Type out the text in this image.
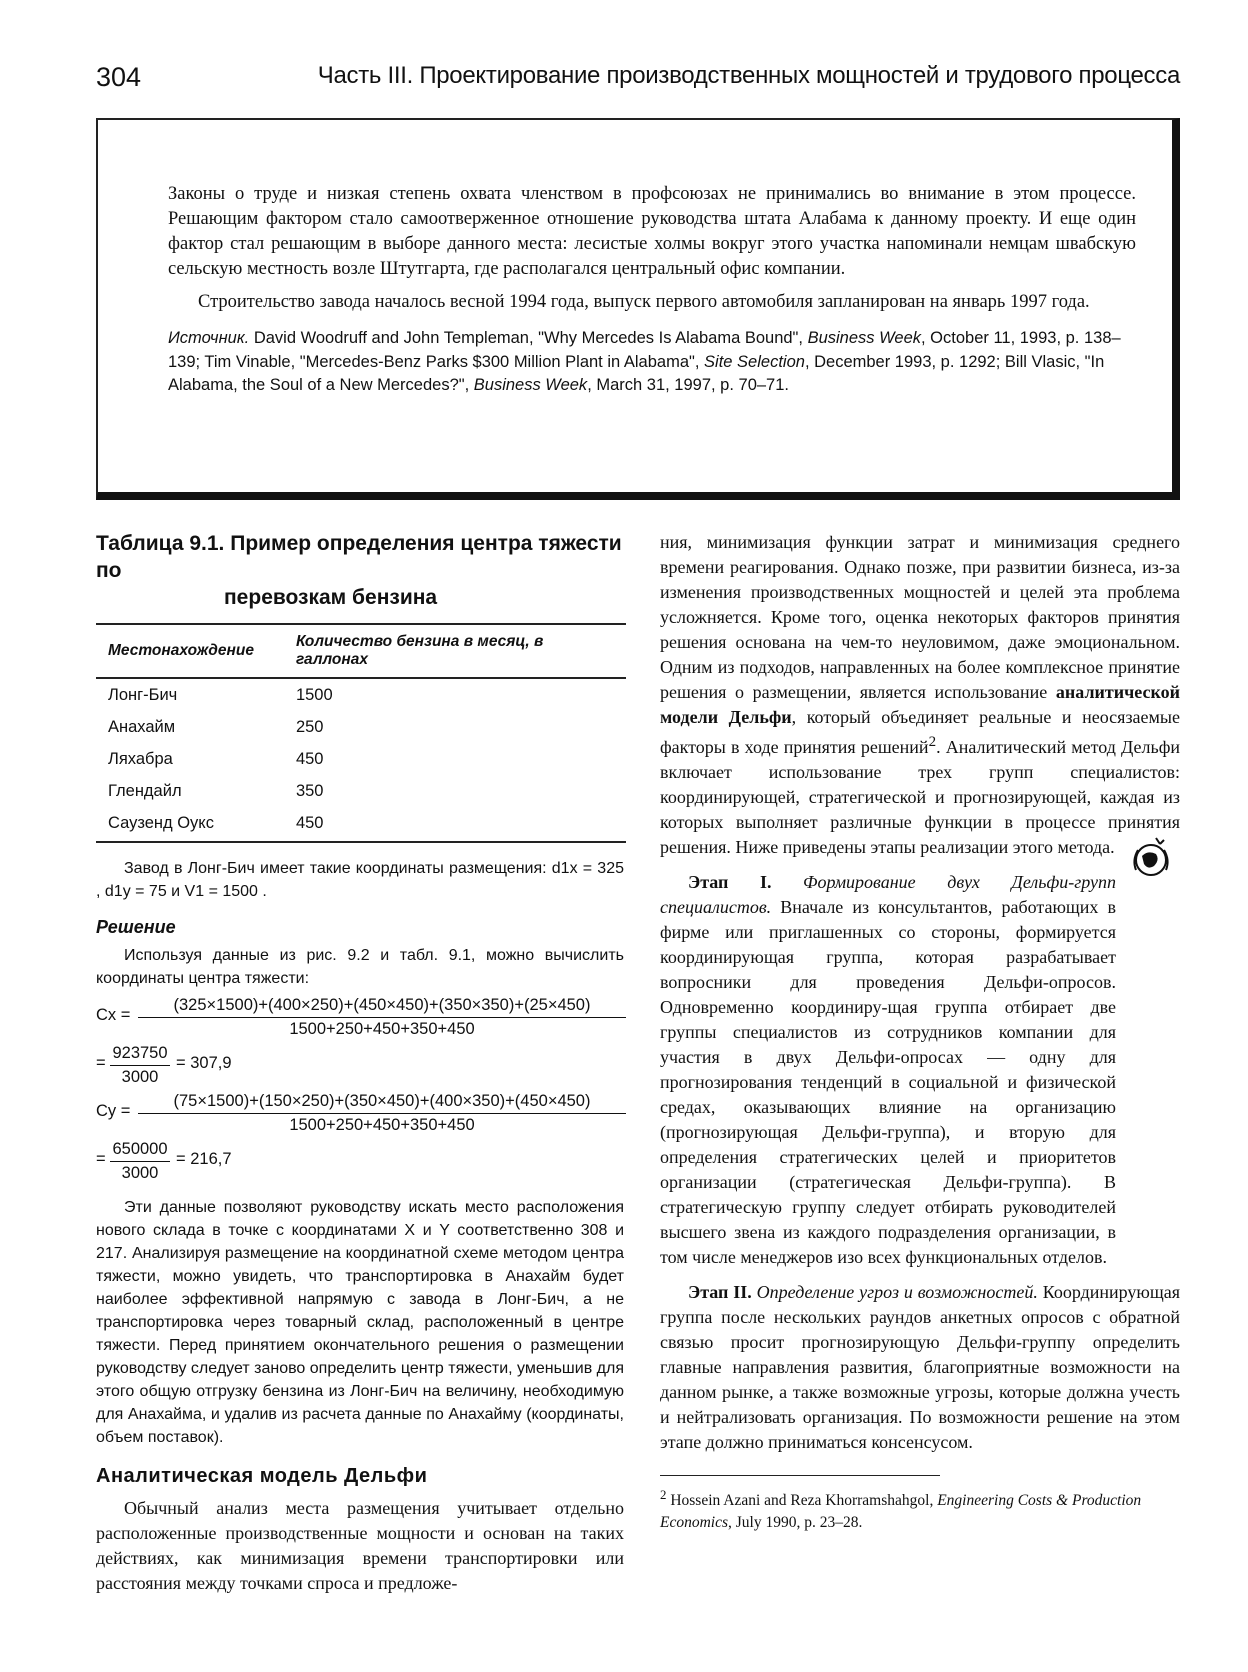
304	Часть III. Проектирование производственных мощностей и трудового процесса

Законы о труде и низкая степень охвата членством в профсоюзах не принимались во внимание в этом процессе. Решающим фактором стало самоотверженное отношение руководства штата Алабама к данному проекту. И еще один фактор стал решающим в выборе данного места: лесистые холмы вокруг этого участка напоминали немцам швабскую сельскую местность возле Штутгарта, где располагался центральный офис компании.

Строительство завода началось весной 1994 года, выпуск первого автомобиля запланирован на январь 1997 года.

Источник. David Woodruff and John Templeman, "Why Mercedes Is Alabama Bound", Business Week, October 11, 1993, p. 138–139; Tim Vinable, "Mercedes-Benz Parks $300 Million Plant in Alabama", Site Selection, December 1993, p. 1292; Bill Vlasic, "In Alabama, the Soul of a New Mercedes?", Business Week, March 31, 1997, p. 70–71.
Таблица 9.1. Пример определения центра тяжести по
перевозкам бензина
Местонахождение	Количество бензина в месяц, в галлонах
Лонг-Бич	1500
Анахайм	250
Ляхабра	450
Глендайл	350
Саузенд Оукс	450

Завод в Лонг-Бич имеет такие координаты размещения: d1x = 325 , d1y = 75 и V1 = 1500 .

Решение

Используя данные из рис. 9.2 и табл. 9.1, можно вычислить координаты центра тяжести:

$Cx = \frac{(325\times 1500)+(400\times 250)+(450\times 450)+(350\times 350)+(25\times 450)}{1500+250+450+350+450}$
= $\frac{923750}{3000} = 307,9$
$Cy = \frac{(75\times 1500)+(150\times 250)+(350\times 450)+(400\times 350)+(450\times 450)}{1500+250+450+350+450}$
= $\frac{650000}{3000} = 216,7$

Эти данные позволяют руководству искать место расположения нового склада в точке с координатами X и Y соответственно 308 и 217. Анализируя размещение на координатной схеме методом центра тяжести, можно увидеть, что транспортировка в Анахайм будет наиболее эффективной напрямую с завода в Лонг-Бич, а не транспортировка через товарный склад, расположенный в центре тяжести. Перед принятием окончательного решения о размещении руководству следует заново определить центр тяжести, уменьшив для этого общую отгрузку бензина из Лонг-Бич на величину, необходимую для Анахайма, и удалив из расчета данные по Анахайму (координаты, объем поставок).

Аналитическая модель Дельфи

Обычный анализ места размещения учитывает отдельно расположенные производственные мощности и основан на таких действиях, как минимизация времени транспортировки или расстояния между точками спроса и предложе-

ния, минимизация функции затрат и минимизация среднего времени реагирования. Однако позже, при развитии бизнеса, из-за изменения производственных мощностей и целей эта проблема усложняется. Кроме того, оценка некоторых факторов принятия решения основана на чем-то неуловимом, даже эмоциональном. Одним из подходов, направленных на более комплексное принятие решения о размещении, является использование аналитической модели Дельфи, который объединяет реальные и неосязаемые факторы в ходе принятия решений$^2$. Аналитический метод Дельфи включает использование трех групп специалистов: координирующей, стратегической и прогнозирующей, каждая из которых выполняет различные функции в процессе принятия решения. Ниже приведены этапы реализации этого метода.

Этап I. Формирование двух Дельфи-групп специалистов. Вначале из консультантов, работающих в фирме или приглашенных со стороны, формируется координирующая группа, которая разрабатывает вопросники для проведения Дельфи-опросов. Одновременно координиру-щая группа отбирает две группы специалистов из сотрудников компании для участия в двух Дельфи-опросах — одну для прогнозирования тенденций в социальной и физической средах, оказывающих влияние на организацию (прогнозирующая Дельфи-группа), и вторую для определения стратегических целей и приоритетов организации (стратегическая Дельфи-группа). В стратегическую группу следует отбирать руководителей высшего звена из каждого подразделения организации, в том числе менеджеров изо всех функциональных отделов.

Этап II. Определение угроз и возможностей. Координирующая группа после нескольких раундов анкетных опросов с обратной связью просит прогнозирующую Дельфи-группу определить главные направления развития, благоприятные возможности на данном рынке, а также возможные угрозы, которые должна учесть и нейтрализовать организация. По возможности решение на этом этапе должно приниматься консенсусом.

$^2$ Hossein Azani and Reza Khorramshahgol, Engineering Costs & Production Economics, July 1990, p. 23–28.
